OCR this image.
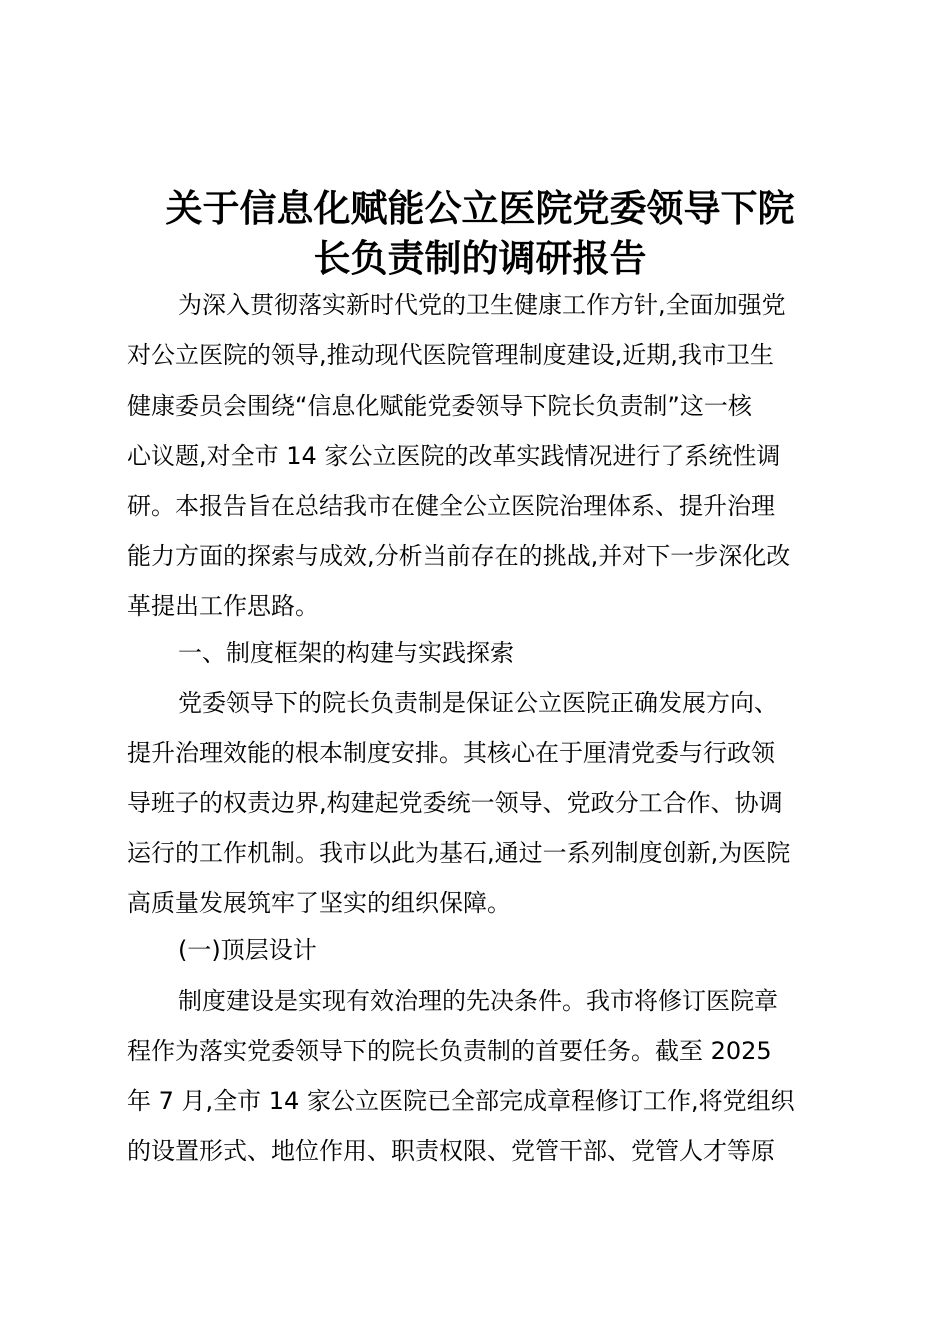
关于信息化赋能公立医院党委领导下院
长负责制的调研报告

为深入贯彻落实新时代党的卫生健康工作方针,全面加强党

对公立医院的领导,推动现代医院管理制度建设,近期,我市卫生

健康委员会围绕“信息化赋能党委领导下院长负责制”这一核

心议题,对全市 14 家公立医院的改革实践情况进行了系统性调

研。本报告旨在总结我市在健全公立医院治理体系、提升治理

能力方面的探索与成效,分析当前存在的挑战,并对下一步深化改

革提出工作思路。

一、制度框架的构建与实践探索

党委领导下的院长负责制是保证公立医院正确发展方向、

提升治理效能的根本制度安排。其核心在于厘清党委与行政领

导班子的权责边界,构建起党委统一领导、党政分工合作、协调

运行的工作机制。我市以此为基石,通过一系列制度创新,为医院

高质量发展筑牢了坚实的组织保障。

(一)顶层设计

制度建设是实现有效治理的先决条件。我市将修订医院章

程作为落实党委领导下的院长负责制的首要任务。截至 2025

年 7 月,全市 14 家公立医院已全部完成章程修订工作,将党组织

的设置形式、地位作用、职责权限、党管干部、党管人才等原
